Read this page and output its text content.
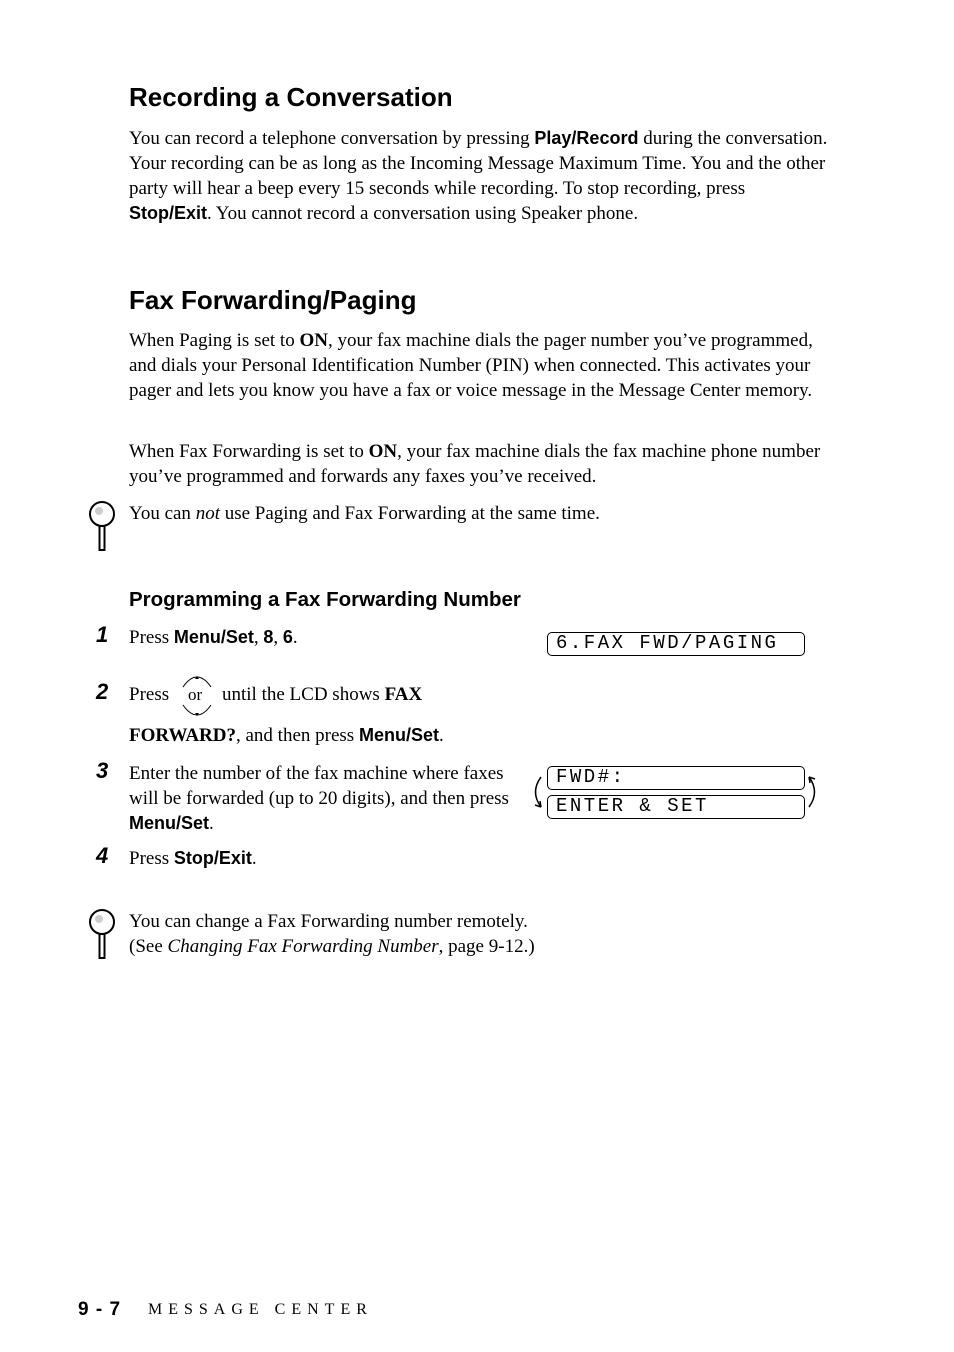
Recording a Conversation

You can record a telephone conversation by pressing Play/Record during the conversation. Your recording can be as long as the Incoming Message Maximum Time. You and the other party will hear a beep every 15 seconds while recording. To stop recording, press Stop/Exit. You cannot record a conversation using Speaker phone.

Fax Forwarding/Paging

When Paging is set to ON, your fax machine dials the pager number you’ve programmed, and dials your Personal Identification Number (PIN) when connected. This activates your pager and lets you know you have a fax or voice message in the Message Center memory.

When Fax Forwarding is set to ON, your fax machine dials the fax machine phone number you’ve programmed and forwards any faxes you’ve received.

You can not use Paging and Fax Forwarding at the same time.

Programming a Fax Forwarding Number
1 Press Menu/Set, 8, 6.	6.FAX FWD/PAGING
2 Press or until the LCD shows FAX

FORWARD?, and then press Menu/Set.

3 Enter the number of the fax machine where faxes will be forwarded (up to 20 digits), and then press Menu/Set.

FWD#:
ENTER & SET
4 Press Stop/Exit.

You can change a Fax Forwarding number remotely.
(See Changing Fax Forwarding Number, page 9-12.)

9 - 7 MESSAGE CENTER
